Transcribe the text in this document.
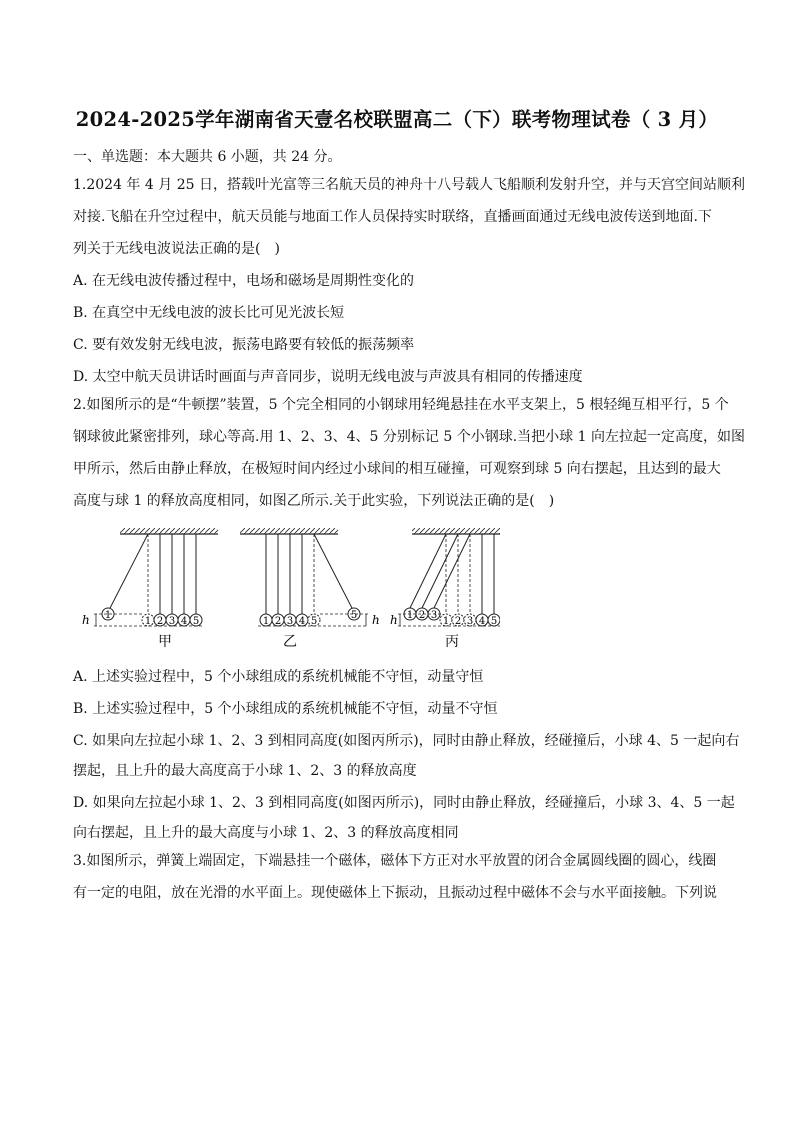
2024-2025学年湖南省天壹名校联盟高二（下）联考物理试卷（ 3 月）
一、单选题：本大题共 6 小题，共 24 分。
1.2024 年 4 月 25 日，搭载叶光富等三名航天员的神舟十八号载人飞船顺利发射升空，并与天宫空间站顺利
对接.飞船在升空过程中，航天员能与地面工作人员保持实时联络，直播画面通过无线电波传送到地面.下
列关于无线电波说法正确的是(　)
A. 在无线电波传播过程中，电场和磁场是周期性变化的
B. 在真空中无线电波的波长比可见光波长短
C. 要有效发射无线电波，振荡电路要有较低的振荡频率
D. 太空中航天员讲话时画面与声音同步，说明无线电波与声波具有相同的传播速度
2.如图所示的是“牛顿摆”装置，5 个完全相同的小钢球用轻绳悬挂在水平支架上，5 根轻绳互相平行，5 个
钢球彼此紧密排列，球心等高.用 1、2、3、4、5 分别标记 5 个小钢球.当把小球 1 向左拉起一定高度，如图
甲所示，然后由静止释放，在极短时间内经过小球间的相互碰撞，可观察到球 5 向右摆起，且达到的最大
高度与球 1 的释放高度相同，如图乙所示.关于此实验，下列说法正确的是(　)
1
1 2 3 4 5
h
甲
1 2 3 4 5
5 h
乙
1 2 3
1 2 3 4 5
h
丙
A. 上述实验过程中，5 个小球组成的系统机械能不守恒，动量守恒
B. 上述实验过程中，5 个小球组成的系统机械能不守恒，动量不守恒
C. 如果向左拉起小球 1、2、3 到相同高度(如图丙所示)，同时由静止释放，经碰撞后，小球 4、5 一起向右
摆起，且上升的最大高度高于小球 1、2、3 的释放高度
D. 如果向左拉起小球 1、2、3 到相同高度(如图丙所示)，同时由静止释放，经碰撞后，小球 3、4、5 一起
向右摆起，且上升的最大高度与小球 1、2、3 的释放高度相同
3.如图所示，弹簧上端固定，下端悬挂一个磁体，磁体下方正对水平放置的闭合金属圆线圈的圆心，线圈
有一定的电阻，放在光滑的水平面上。现使磁体上下振动，且振动过程中磁体不会与水平面接触。下列说
